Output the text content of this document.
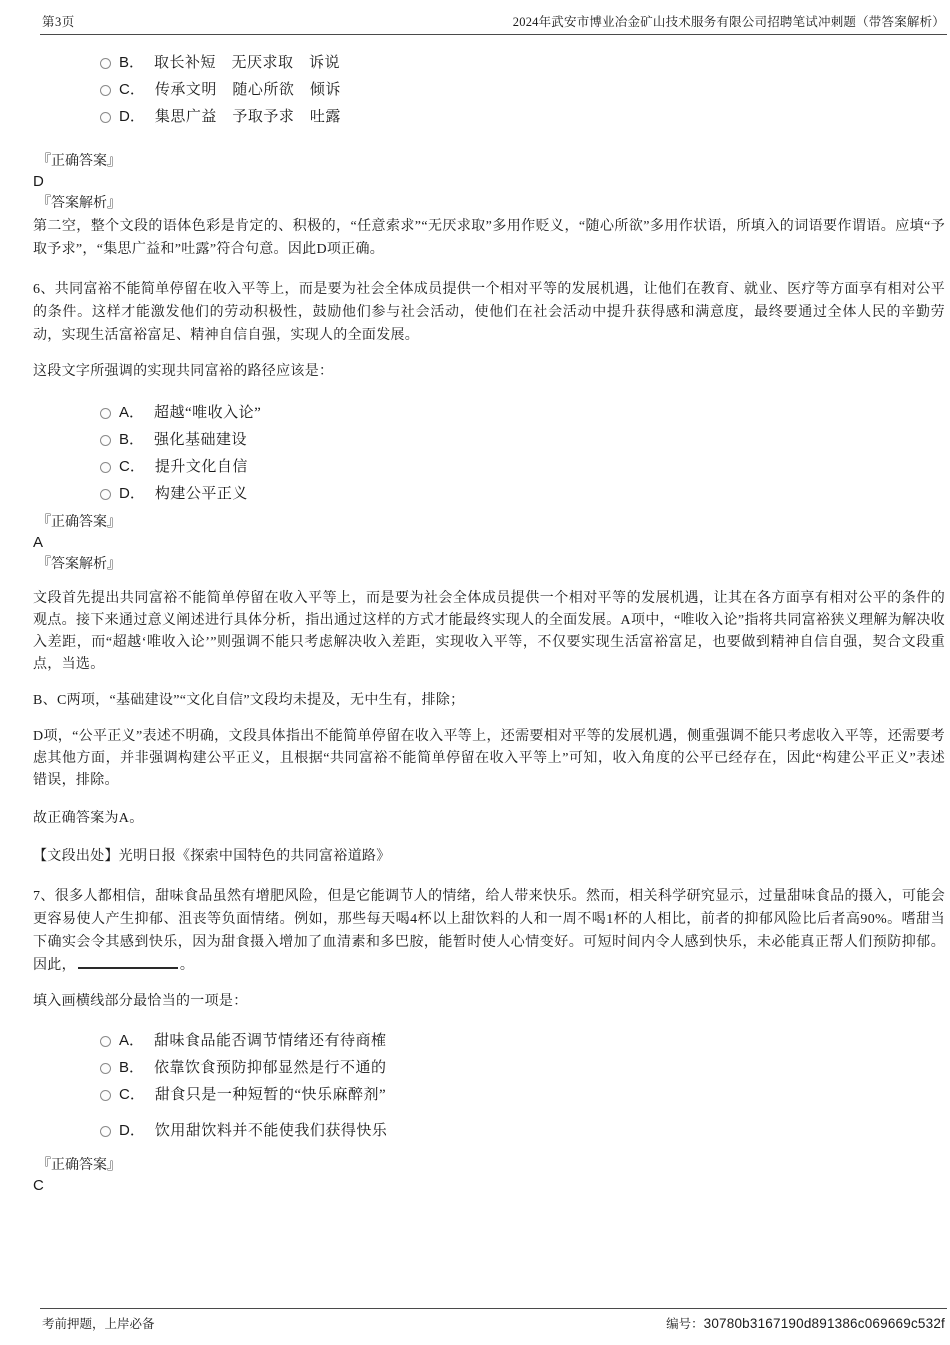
第3页	2024年武安市博业冶金矿山技术服务有限公司招聘笔试冲刺题（带答案解析）
B． 取长补短　无厌求取　诉说
C． 传承文明　随心所欲　倾诉
D． 集思广益　予取予求　吐露
『正确答案』
D
『答案解析』

第二空，整个文段的语体色彩是肯定的、积极的，“任意索求”“无厌求取”多用作贬义，“随心所欲”多用作状语，所填入的词语要作谓语。应填“予取予求”，“集思广益和”吐露”符合句意。因此D项正确。

6、共同富裕不能简单停留在收入平等上，而是要为社会全体成员提供一个相对平等的发展机遇，让他们在教育、就业、医疗等方面享有相对公平的条件。这样才能激发他们的劳动积极性，鼓励他们参与社会活动，使他们在社会活动中提升获得感和满意度，最终要通过全体人民的辛勤劳动，实现生活富裕富足、精神自信自强，实现人的全面发展。

这段文字所强调的实现共同富裕的路径应该是：

A． 超越“唯收入论”
B． 强化基础建设
C． 提升文化自信
D． 构建公平正义
『正确答案』
A
『答案解析』

文段首先提出共同富裕不能简单停留在收入平等上，而是要为社会全体成员提供一个相对平等的发展机遇，让其在各方面享有相对公平的条件的观点。接下来通过意义阐述进行具体分析，指出通过这样的方式才能最终实现人的全面发展。A项中，“唯收入论”指将共同富裕狭义理解为解决收入差距，而“超越‘唯收入论’”则强调不能只考虑解决收入差距，实现收入平等，不仅要实现生活富裕富足，也要做到精神自信自强，契合文段重点，当选。

B、C两项，“基础建设”“文化自信”文段均未提及，无中生有，排除；

D项，“公平正义”表述不明确，文段具体指出不能简单停留在收入平等上，还需要相对平等的发展机遇，侧重强调不能只考虑收入平等，还需要考虑其他方面，并非强调构建公平正义，且根据“共同富裕不能简单停留在收入平等上”可知，收入角度的公平已经存在，因此“构建公平正义”表述错误，排除。

故正确答案为A。

【文段出处】光明日报《探索中国特色的共同富裕道路》

7、很多人都相信，甜味食品虽然有增肥风险，但是它能调节人的情绪，给人带来快乐。然而，相关科学研究显示，过量甜味食品的摄入，可能会更容易使人产生抑郁、沮丧等负面情绪。例如，那些每天喝4杯以上甜饮料的人和一周不喝1杯的人相比，前者的抑郁风险比后者高90%。嗜甜当下确实会令其感到快乐，因为甜食摄入增加了血清素和多巴胺，能暂时使人心情变好。可短时间内令人感到快乐，未必能真正帮人们预防抑郁。因此，	。

填入画横线部分最恰当的一项是：

A． 甜味食品能否调节情绪还有待商榷
B． 依靠饮食预防抑郁显然是行不通的
C． 甜食只是一种短暂的“快乐麻醉剂”
D． 饮用甜饮料并不能使我们获得快乐
『正确答案』
C
考前押题，上岸必备	编号： 30780b3167190d891386c069669c532f
